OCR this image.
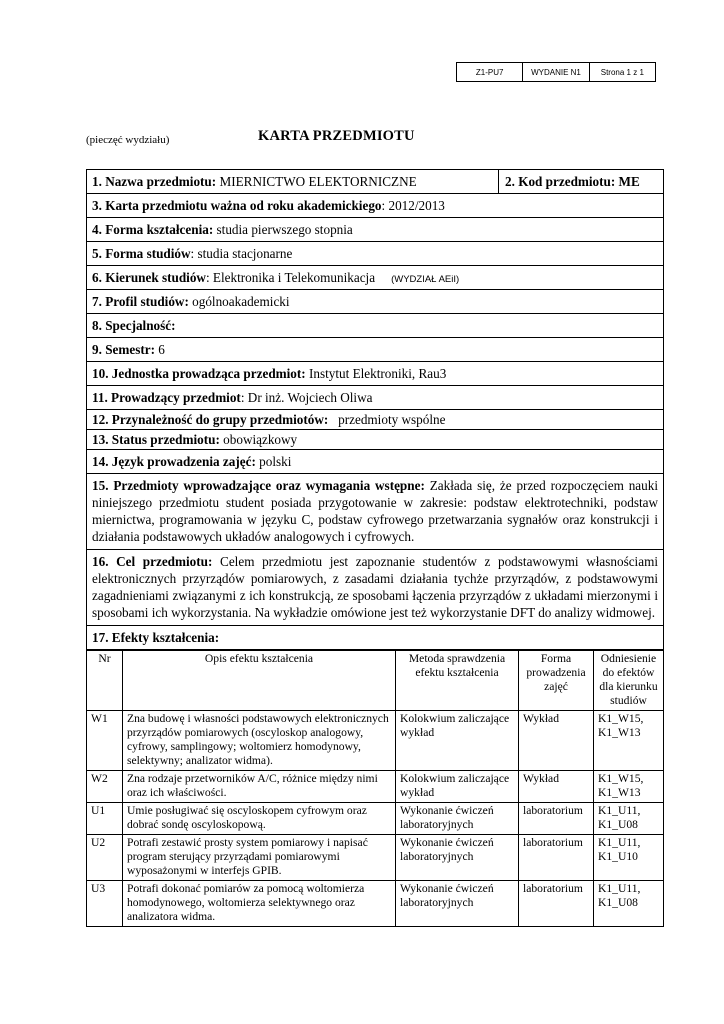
Z1-PU7	WYDANIE N1	Strona 1 z 1
(pieczęć wydziału)	KARTA PRZEDMIOTU
1. Nazwa przedmiotu: MIERNICTWO ELEKTORNICZNE	2. Kod przedmiotu: ME
3. Karta przedmiotu ważna od roku akademickiego: 2012/2013
4. Forma kształcenia: studia pierwszego stopnia
5. Forma studiów: studia stacjonarne
6. Kierunek studiów: Elektronika i Telekomunikacja (WYDZIAŁ AEiI)
7. Profil studiów: ogólnoakademicki
8. Specjalność:
9. Semestr: 6
10. Jednostka prowadząca przedmiot: Instytut Elektroniki, Rau3
11. Prowadzący przedmiot: Dr inż. Wojciech Oliwa
12. Przynależność do grupy przedmiotów:   przedmioty wspólne
13. Status przedmiotu: obowiązkowy
14. Język prowadzenia zajęć: polski
15. Przedmioty wprowadzające oraz wymagania wstępne: Zakłada się, że przed rozpoczęciem nauki niniejszego przedmiotu student posiada przygotowanie w zakresie: podstaw elektrotechniki, podstaw miernictwa, programowania w języku C, podstaw cyfrowego przetwarzania sygnałów oraz konstrukcji i działania podstawowych układów analogowych i cyfrowych.
16. Cel przedmiotu: Celem przedmiotu jest zapoznanie studentów z podstawowymi własnościami elektronicznych przyrządów pomiarowych, z zasadami działania tychże przyrządów, z podstawowymi zagadnieniami związanymi z ich konstrukcją, ze sposobami łączenia przyrządów z układami mierzonymi i sposobami ich wykorzystania. Na wykładzie omówione jest też wykorzystanie DFT do analizy widmowej.
17. Efekty kształcenia:
Nr	Opis efektu kształcenia	Metoda sprawdzenia efektu kształcenia	Forma prowadzenia zajęć	Odniesienie do efektów dla kierunku studiów
W1	Zna budowę i własności podstawowych elektronicznych przyrządów pomiarowych (oscyloskop analogowy, cyfrowy, samplingowy; woltomierz homodynowy, selektywny; analizator widma).	Kolokwium zaliczające wykład	Wykład	K1_W15, K1_W13
W2	Zna rodzaje przetworników A/C, różnice między nimi oraz ich właściwości.	Kolokwium zaliczające wykład	Wykład	K1_W15, K1_W13
U1	Umie posługiwać się oscyloskopem cyfrowym oraz dobrać sondę oscyloskopową.	Wykonanie ćwiczeń laboratoryjnych	laboratorium	K1_U11, K1_U08
U2	Potrafi zestawić prosty system pomiarowy i napisać program sterujący przyrządami pomiarowymi wyposażonymi w interfejs GPIB.	Wykonanie ćwiczeń laboratoryjnych	laboratorium	K1_U11, K1_U10
U3	Potrafi dokonać pomiarów za pomocą woltomierza homodynowego, woltomierza selektywnego oraz analizatora widma.	Wykonanie ćwiczeń laboratoryjnych	laboratorium	K1_U11, K1_U08
